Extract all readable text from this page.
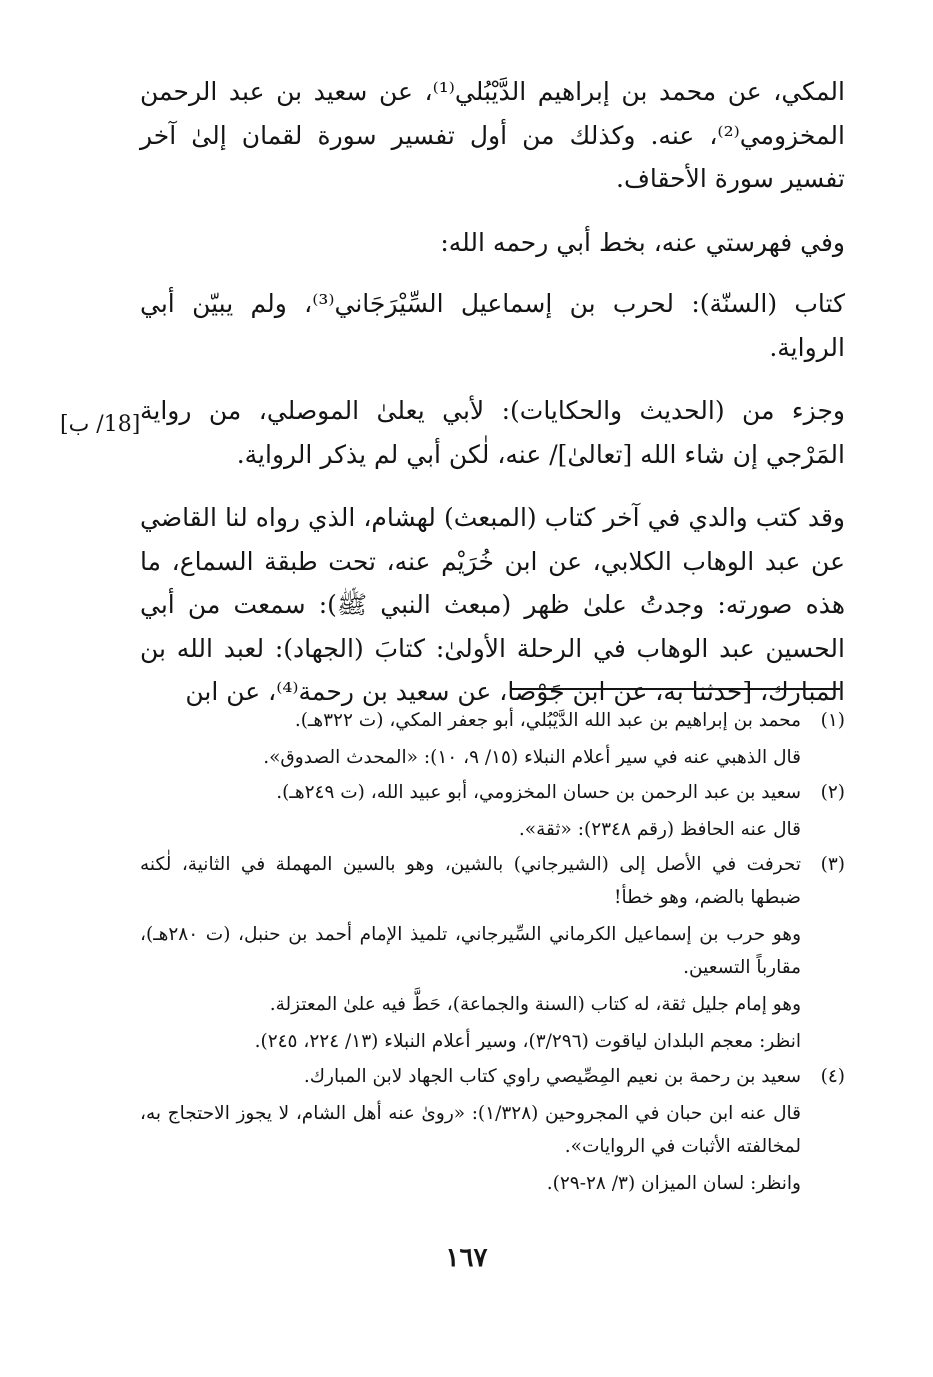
المكي، عن محمد بن إبراهيم الدَّيْبُلي⁽¹⁾، عن سعيد بن عبد الرحمن المخزومي⁽²⁾، عنه. وكذلك من أول تفسير سورة لقمان إلىٰ آخر تفسير سورة الأحقاف.

وفي فهرستي عنه، بخط أبي رحمه الله:

كتاب (السنّة): لحرب بن إسماعيل السِّيْرَجَاني⁽³⁾، ولم يبيّن أبي الرواية.

وجزء من (الحديث والحكايات): لأبي يعلىٰ الموصلي، من رواية المَرْجي إن شاء الله [تعالىٰ]/ عنه، لٰكن أبي لم يذكر الرواية.

وقد كتب والدي في آخر كتاب (المبعث) لهشام، الذي رواه لنا القاضي عن عبد الوهاب الكلابي، عن ابن خُرَيْم عنه، تحت طبقة السماع، ما هذه صورته: وجدتُ علىٰ ظهر (مبعث النبي ﷺ): سمعت من أبي الحسين عبد الوهاب في الرحلة الأولىٰ: كتابَ (الجهاد): لعبد الله بن المبارك، [حدثنا به، عن ابن جَوْصا، عن سعيد بن رحمة⁽⁴⁾، عن ابن

[18/ ب]
(١)

محمد بن إبراهيم بن عبد الله الدَّيْبُلي، أبو جعفر المكي، (ت ٣٢٢هـ).

قال الذهبي عنه في سير أعلام النبلاء (١٥/ ٩، ١٠): «المحدث الصدوق».

(٢)

سعيد بن عبد الرحمن بن حسان المخزومي، أبو عبيد الله، (ت ٢٤٩هـ).

قال عنه الحافظ (رقم ٢٣٤٨): «ثقة».

(٣)

تحرفت في الأصل إلى (الشيرجاني) بالشين، وهو بالسين المهملة في الثانية، لٰكنه ضبطها بالضم، وهو خطأ!

وهو حرب بن إسماعيل الكرماني السِّيرجاني، تلميذ الإمام أحمد بن حنبل، (ت ٢٨٠هـ)، مقارباً التسعين.

وهو إمام جليل ثقة، له كتاب (السنة والجماعة)، حَطَّ فيه علىٰ المعتزلة.

انظر: معجم البلدان لياقوت (٣/٢٩٦)، وسير أعلام النبلاء (١٣/ ٢٢٤، ٢٤٥).

(٤)

سعيد بن رحمة بن نعيم المِصِّيصي راوي كتاب الجهاد لابن المبارك.

قال عنه ابن حبان في المجروحين (١/٣٢٨): «روىٰ عنه أهل الشام، لا يجوز الاحتجاج به، لمخالفته الأثبات في الروايات».

وانظر: لسان الميزان (٣/ ٢٨-٢٩).

١٦٧
